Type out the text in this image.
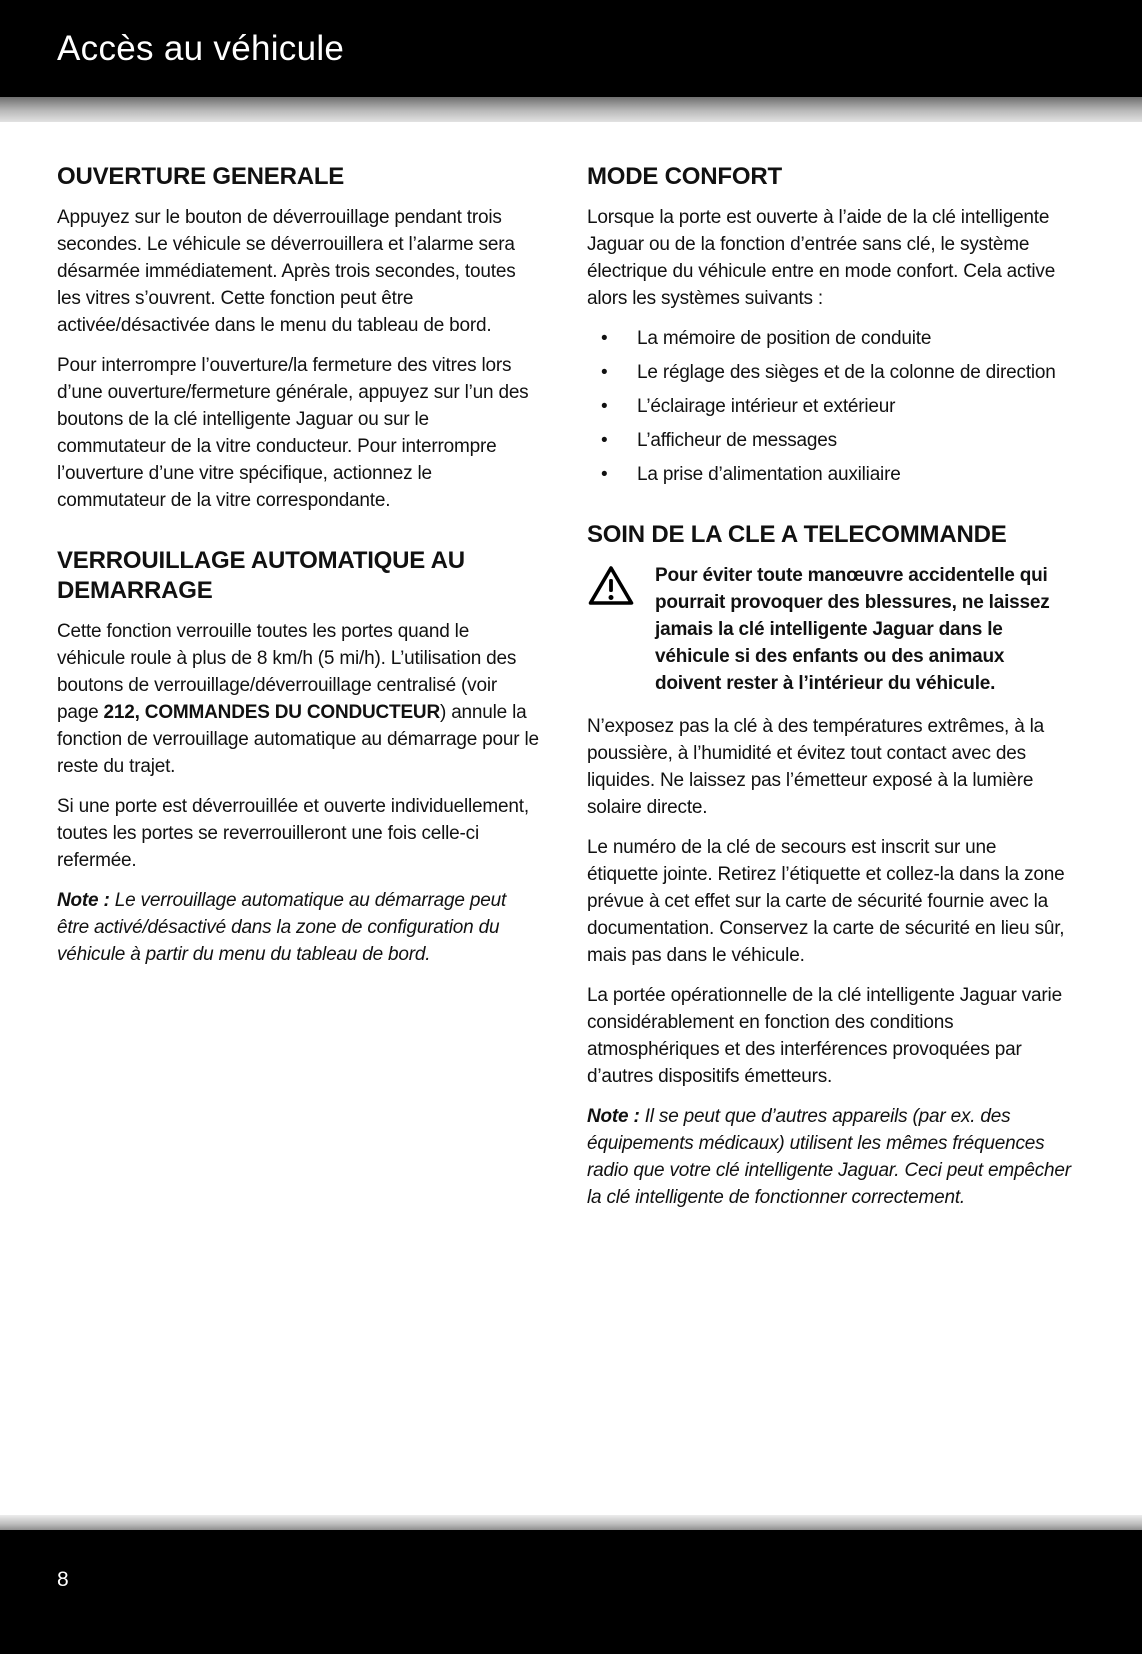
Accès au véhicule
OUVERTURE GENERALE

Appuyez sur le bouton de déverrouillage pendant trois secondes. Le véhicule se déverrouillera et l’alarme sera désarmée immédiatement. Après trois secondes, toutes les vitres s’ouvrent. Cette fonction peut être activée/désactivée dans le menu du tableau de bord.

Pour interrompre l’ouverture/la fermeture des vitres lors d’une ouverture/fermeture générale, appuyez sur l’un des boutons de la clé intelligente Jaguar ou sur le commutateur de la vitre conducteur. Pour interrompre l’ouverture d’une vitre spécifique, actionnez le commutateur de la vitre correspondante.

VERROUILLAGE AUTOMATIQUE AU DEMARRAGE

Cette fonction verrouille toutes les portes quand le véhicule roule à plus de 8 km/h (5 mi/h). L’utilisation des boutons de verrouillage/déverrouillage centralisé (voir page 212, COMMANDES DU CONDUCTEUR) annule la fonction de verrouillage automatique au démarrage pour le reste du trajet.

Si une porte est déverrouillée et ouverte individuellement, toutes les portes se reverrouilleront une fois celle-ci refermée.

Note : Le verrouillage automatique au démarrage peut être activé/désactivé dans la zone de configuration du véhicule à partir du menu du tableau de bord.

MODE CONFORT

Lorsque la porte est ouverte à l’aide de la clé intelligente Jaguar ou de la fonction d’entrée sans clé, le système électrique du véhicule entre en mode confort. Cela active alors les systèmes suivants :

• La mémoire de position de conduite
• Le réglage des sièges et de la colonne de direction
• L’éclairage intérieur et extérieur
• L’afficheur de messages
• La prise d’alimentation auxiliaire
SOIN DE LA CLE A TELECOMMANDE
Pour éviter toute manœuvre accidentelle qui pourrait provoquer des blessures, ne laissez jamais la clé intelligente Jaguar dans le véhicule si des enfants ou des animaux doivent rester à l’intérieur du véhicule.

N’exposez pas la clé à des températures extrêmes, à la poussière, à l’humidité et évitez tout contact avec des liquides. Ne laissez pas l’émetteur exposé à la lumière solaire directe.

Le numéro de la clé de secours est inscrit sur une étiquette jointe. Retirez l’étiquette et collez-la dans la zone prévue à cet effet sur la carte de sécurité fournie avec la documentation. Conservez la carte de sécurité en lieu sûr, mais pas dans le véhicule.

La portée opérationnelle de la clé intelligente Jaguar varie considérablement en fonction des conditions atmosphériques et des interférences provoquées par d’autres dispositifs émetteurs.

Note : Il se peut que d’autres appareils (par ex. des équipements médicaux) utilisent les mêmes fréquences radio que votre clé intelligente Jaguar. Ceci peut empêcher la clé intelligente de fonctionner correctement.

8
